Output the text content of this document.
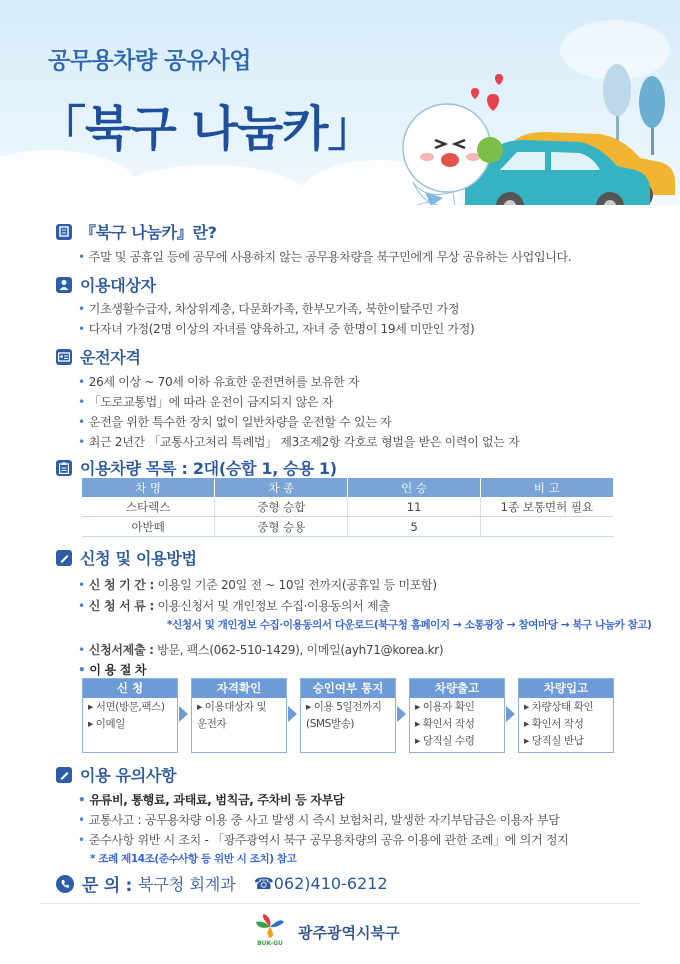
공무용차량 공유사업
「북구 나눔카」
『북구 나눔카』란?
• 주말 및 공휴일 등에 공무에 사용하지 않는 공무용차량을 북구민에게 무상 공유하는 사업입니다.
이용대상자
• 기초생활수급자, 차상위계층, 다문화가족, 한부모가족, 북한이탈주민 가정
• 다자녀 가정(2명 이상의 자녀를 양육하고, 자녀 중 한명이 19세 미만인 가정)
운전자격
• 26세 이상 ~ 70세 이하 유효한 운전면허를 보유한 자
• 「도로교통법」에 따라 운전이 금지되지 않은 자
• 운전을 위한 특수한 장치 없이 일반차량을 운전할 수 있는 자
• 최근 2년간 「교통사고처리 특례법」 제3조제2항 각호로 형벌을 받은 이력이 없는 자
이용차량 목록 : 2대(승합 1, 승용 1)
차 명	차 종	인 승	비 고
스타렉스	중형 승합	11	1종 보통면허 필요
아반떼	중형 승용	5	
신청 및 이용방법
• 신 청 기 간 : 이용일 기준 20일 전 ~ 10일 전까지(공휴일 등 미포함)
• 신 청 서 류 : 이용신청서 및 개인정보 수집·이용동의서 제출
*신청서 및 개인정보 수집·이용동의서 다운로드(북구청 홈페이지 → 소통광장 → 참여마당 → 북구 나눔카 참고)
• 신청서제출 : 방문, 팩스(062-510-1429), 이메일(ayh71@korea.kr)
• 이 용 절 차
신 청
▸ 서면(방문,팩스)
▸ 이메일
자격확인
▸ 이용대상자 및
운전자
승인여부 통지
▸ 이용 5일전까지
(SMS발송)
차량출고
▸ 이용자 확인
▸ 확인서 작성
▸ 당직실 수령
차량입고
▸ 차량상태 확인
▸ 확인서 작성
▸ 당직실 반납
이용 유의사항
• 유류비, 통행료, 과태료, 범칙금, 주차비 등 자부담
• 교통사고 : 공무용차량 이용 중 사고 발생 시 즉시 보험처리, 발생한 자기부담금은 이용자 부담
• 준수사항 위반 시 조치 - 「광주광역시 북구 공무용차량의 공유 이용에 관한 조례」에 의거 정지
* 조례 제14조(준수사항 등 위반 시 조치) 참고
문 의 : 북구청 회계과 ☎062)410-6212
BUK-GU
광주광역시북구
